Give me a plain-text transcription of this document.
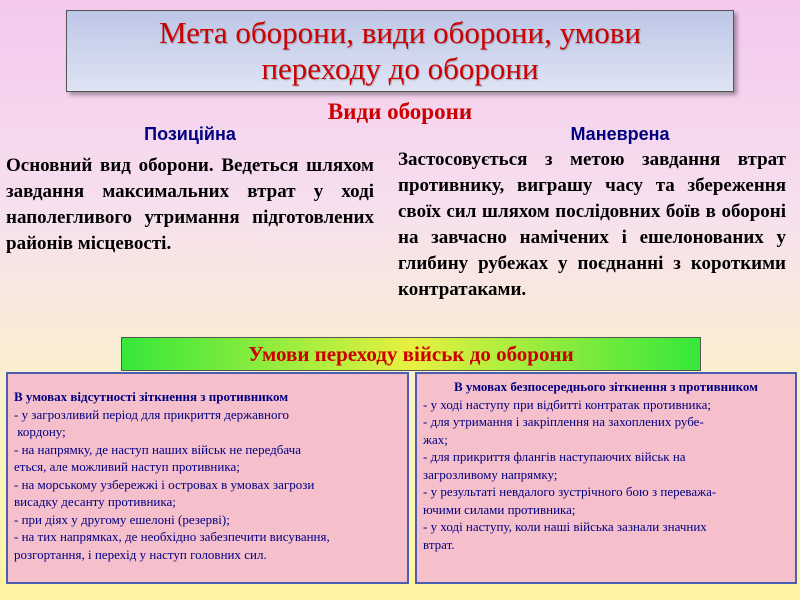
Мета оборони, види оборони, умови переходу до оборони
Види оборони
Позиційна

Основний вид оборони. Ведеться шляхом завдання максимальних втрат у ході наполегливого утримання підготовлених районів місцевості.

Маневрена

Застосовується з метою завдання втрат противнику, виграшу часу та збереження своїх сил шляхом послідовних боїв в обороні на завчасно намічених і ешелонованих у глибину рубежах у поєднанні з короткими контратаками.

Умови переходу військ до оборони

В умовах відсутності зіткнення з противником

- у загрозливий період для прикриття державного
кордону;

- на напрямку, де наступ наших військ не передбача
еться, але можливий наступ противника;

- на морському узбережжі і островах в умовах загрози
висадку десанту противника;

- при діях у другому ешелоні (резерві);

- на тих напрямках, де необхідно забезпечити висування,
розгортання, і перехід у наступ головних сил.

В умовах безпосереднього зіткнення з противником

- у ході наступу при відбитті контратак противника;

- для утримання і закріплення на захоплених рубе-
жах;

- для прикриття флангів наступаючих військ на
загрозливому напрямку;

- у результаті невдалого зустрічного бою з переважа-
ючими силами противника;

- у ході наступу, коли наші війська зазнали значних
втрат.
